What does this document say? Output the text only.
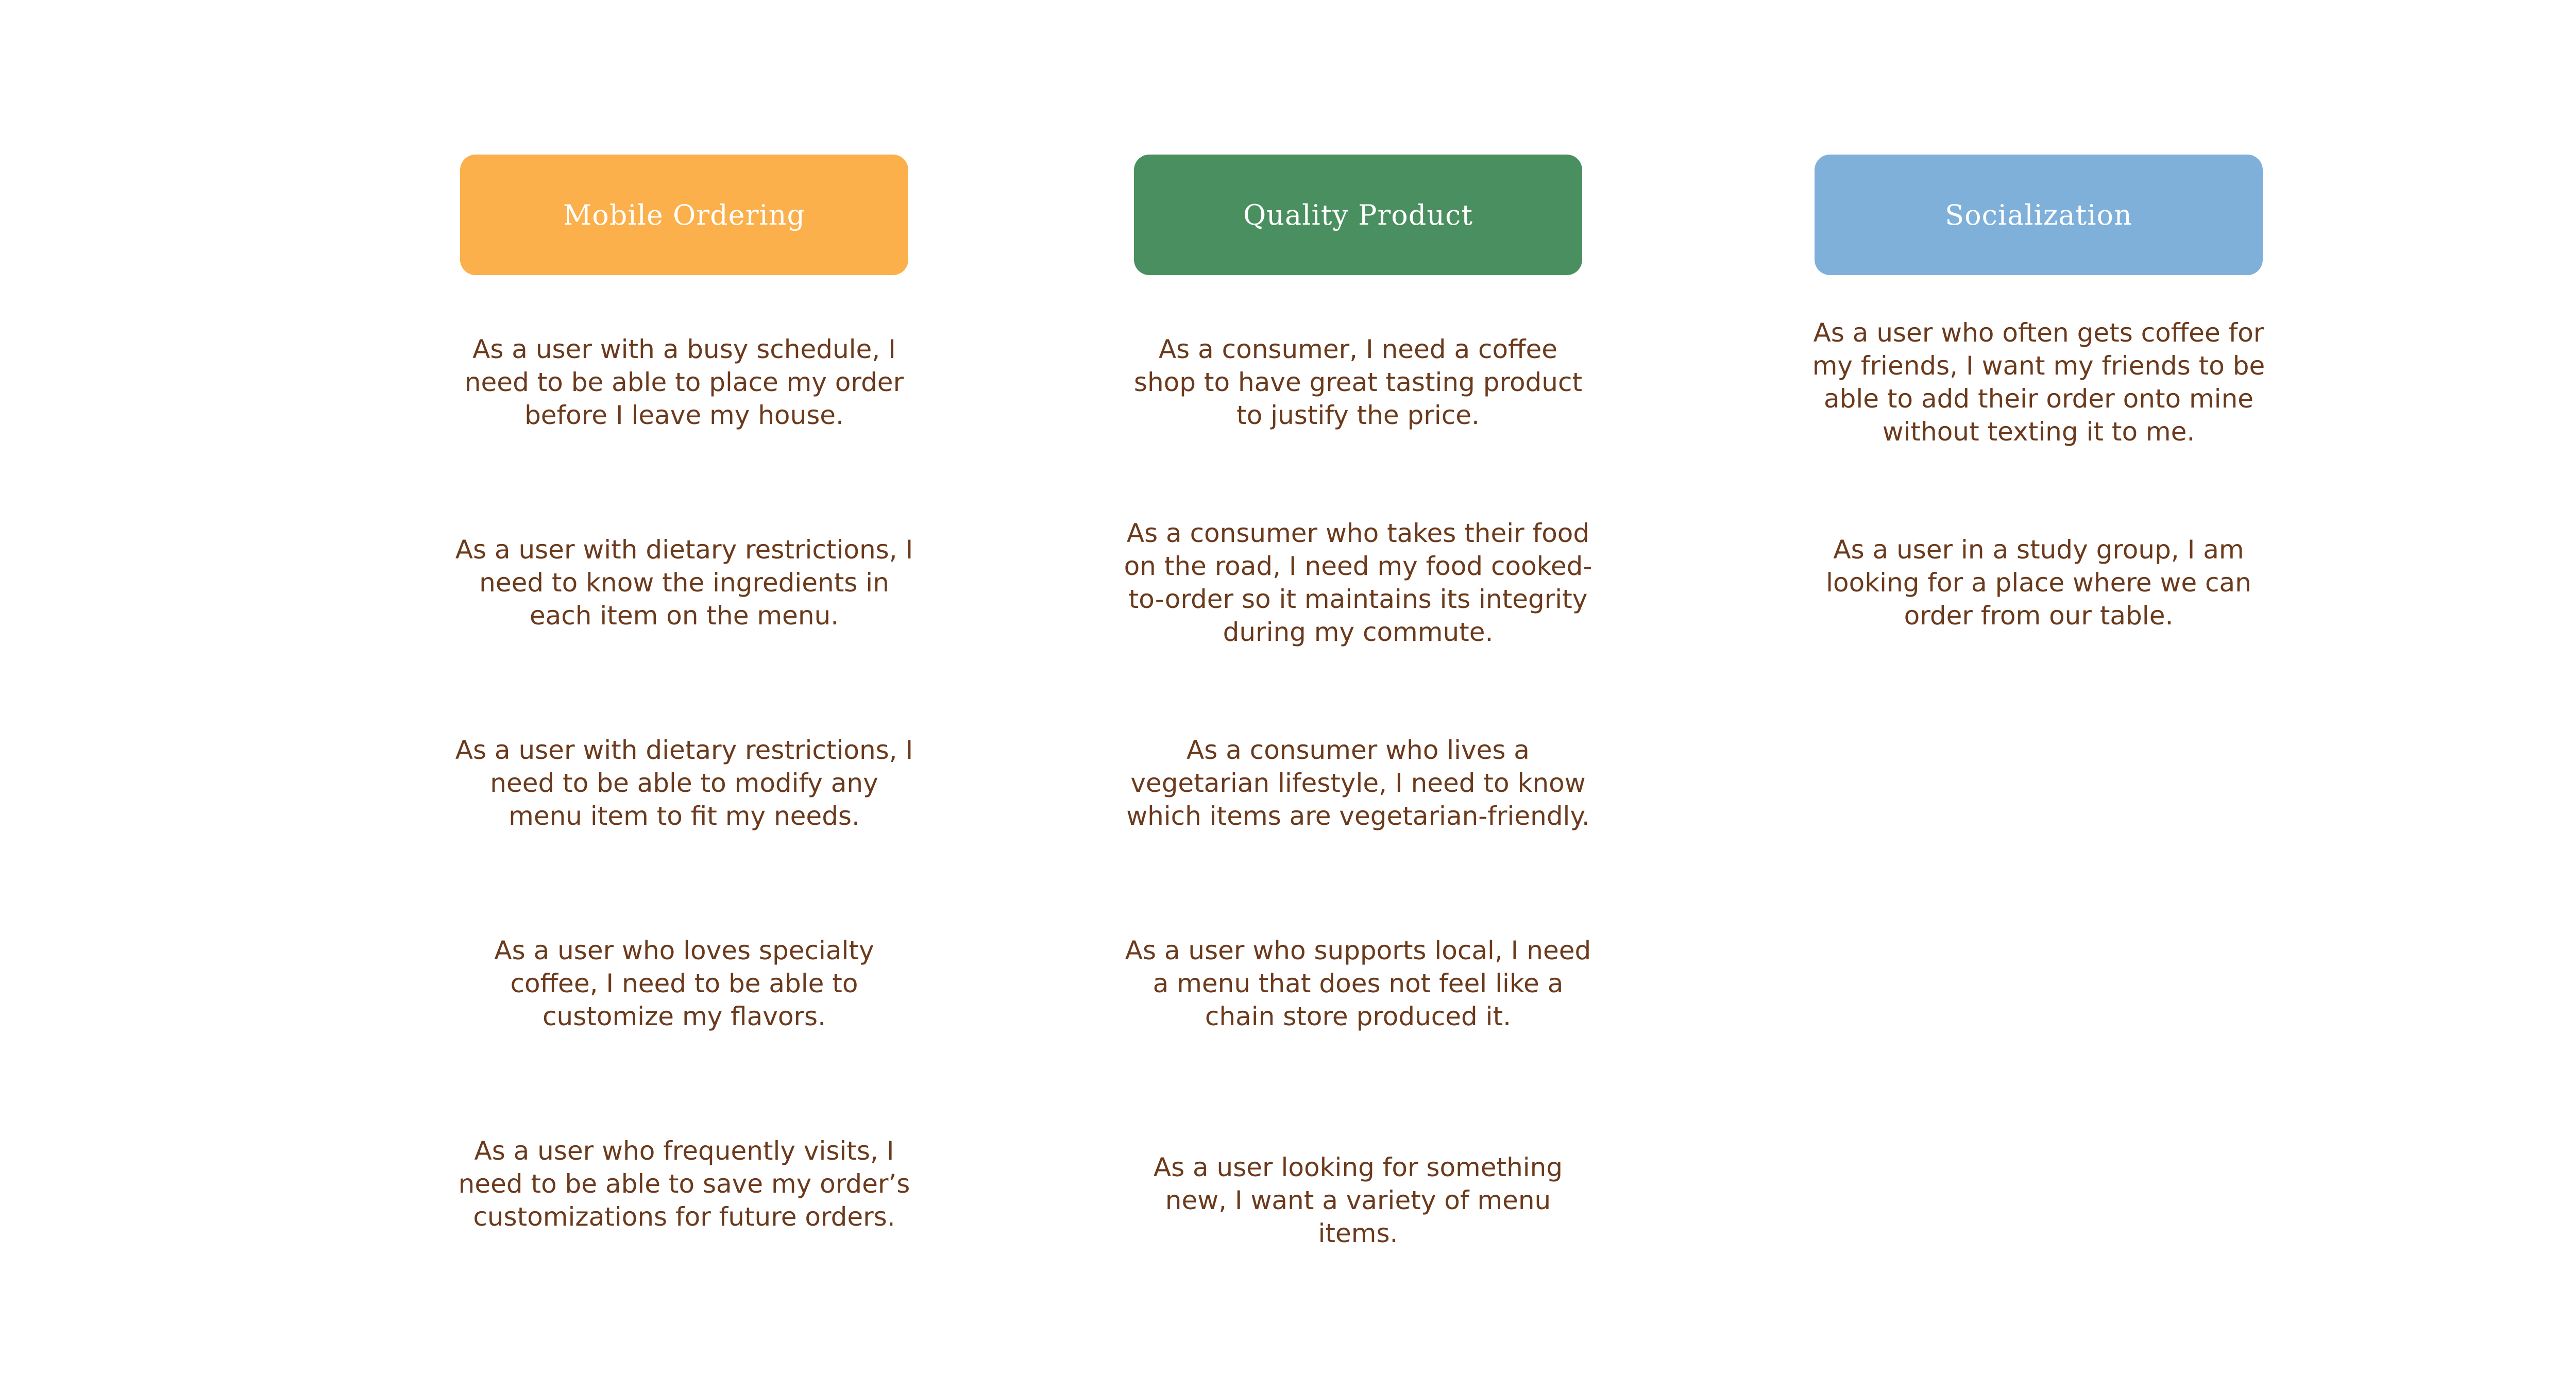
Mobile Ordering
As a user with a busy schedule, I need to be able to place my order before I leave my house.
As a user with dietary restrictions, I need to know the ingredients in each item on the menu.
As a user with dietary restrictions, I need to be able to modify any menu item to fit my needs.
As a user who loves specialty coffee, I need to be able to customize my flavors.
As a user who frequently visits, I need to be able to save my order’s customizations for future orders.
Quality Product
As a consumer, I need a coffee shop to have great tasting product to justify the price.
As a consumer who takes their food on the road, I need my food cooked-to-order so it maintains its integrity during my commute.
As a consumer who lives a vegetarian lifestyle, I need to know which items are vegetarian-friendly.
As a user who supports local, I need a menu that does not feel like a chain store produced it.
As a user looking for something new, I want a variety of menu items.
Socialization
As a user who often gets coffee for my friends, I want my friends to be able to add their order onto mine without texting it to me.
As a user in a study group, I am looking for a place where we can order from our table.
